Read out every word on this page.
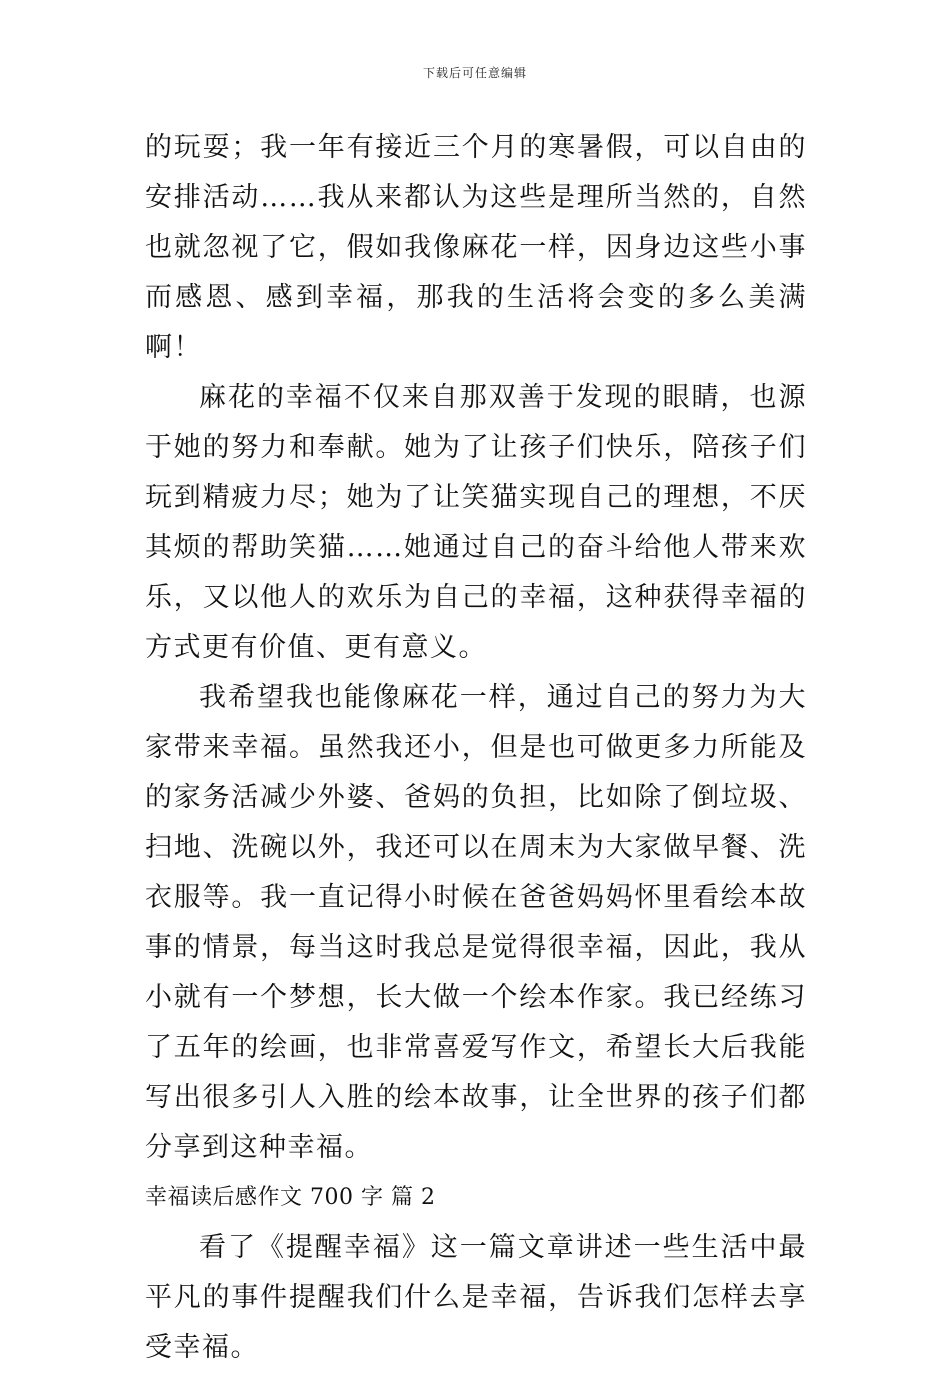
下载后可任意编辑

的玩耍；我一年有接近三个月的寒暑假，可以自由的安排活动……我从来都认为这些是理所当然的，自然也就忽视了它，假如我像麻花一样，因身边这些小事而感恩、感到幸福，那我的生活将会变的多么美满啊！

麻花的幸福不仅来自那双善于发现的眼睛，也源于她的努力和奉献。她为了让孩子们快乐，陪孩子们玩到精疲力尽；她为了让笑猫实现自己的理想，不厌其烦的帮助笑猫……她通过自己的奋斗给他人带来欢乐，又以他人的欢乐为自己的幸福，这种获得幸福的方式更有价值、更有意义。

我希望我也能像麻花一样，通过自己的努力为大家带来幸福。虽然我还小，但是也可做更多力所能及的家务活减少外婆、爸妈的负担，比如除了倒垃圾、扫地、洗碗以外，我还可以在周末为大家做早餐、洗衣服等。我一直记得小时候在爸爸妈妈怀里看绘本故事的情景，每当这时我总是觉得很幸福，因此，我从小就有一个梦想，长大做一个绘本作家。我已经练习了五年的绘画，也非常喜爱写作文，希望长大后我能写出很多引人入胜的绘本故事，让全世界的孩子们都分享到这种幸福。

幸福读后感作文 700 字 篇 2

看了《提醒幸福》这一篇文章讲述一些生活中最平凡的事件提醒我们什么是幸福，告诉我们怎样去享受幸福。
